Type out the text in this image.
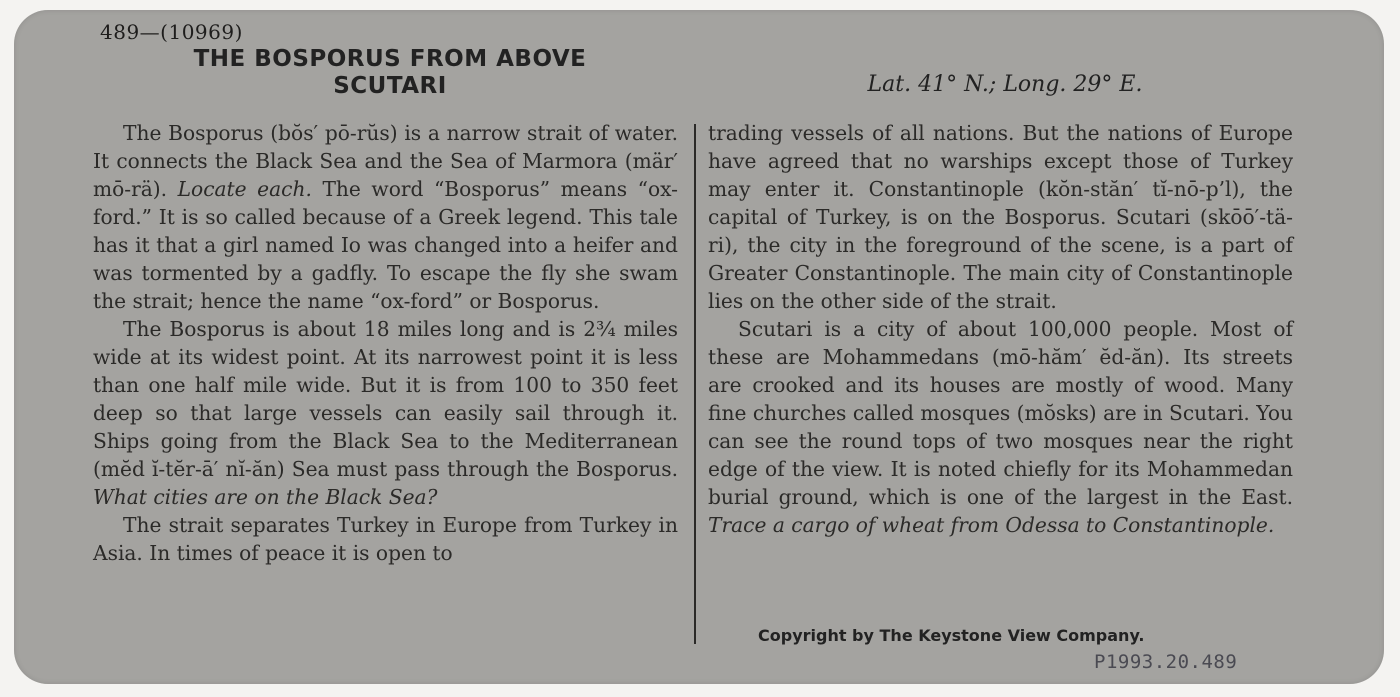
489—(10969)
THE BOSPORUS FROM ABOVE
SCUTARI	Lat. 41° N.; Long. 29° E.

The Bosporus (bŏs′ pō-rŭs) is a narrow strait of water. It connects the Black Sea and the Sea of Marmora (mär′ mō-rä). Locate each. The word “Bosporus” means “ox-ford.” It is so called because of a Greek legend. This tale has it that a girl named Io was changed into a heifer and was tormented by a gadfly. To escape the fly she swam the strait; hence the name “ox-ford” or Bosporus.

The Bosporus is about 18 miles long and is 2¾ miles wide at its widest point. At its narrowest point it is less than one half mile wide. But it is from 100 to 350 feet deep so that large vessels can easily sail through it. Ships going from the Black Sea to the Mediterranean (mĕd ĭ-tĕr-ā′ nĭ-ăn) Sea must pass through the Bosporus. What cities are on the Black Sea?

The strait separates Turkey in Europe from Turkey in Asia. In times of peace it is open to

trading vessels of all nations. But the nations of Europe have agreed that no warships except those of Turkey may enter it. Constantinople (kŏn-stăn′ tĭ-nō-p’l), the capital of Turkey, is on the Bosporus. Scutari (skōō′-tä-ri), the city in the foreground of the scene, is a part of Greater Constantinople. The main city of Constantinople lies on the other side of the strait.

Scutari is a city of about 100,000 people. Most of these are Mohammedans (mō-hăm′ ĕd-ăn). Its streets are crooked and its houses are mostly of wood. Many fine churches called mosques (mŏsks) are in Scutari. You can see the round tops of two mosques near the right edge of the view. It is noted chiefly for its Mohammedan burial ground, which is one of the largest in the East. Trace a cargo of wheat from Odessa to Constantinople.

Copyright by The Keystone View Company.
P1993.20.489
